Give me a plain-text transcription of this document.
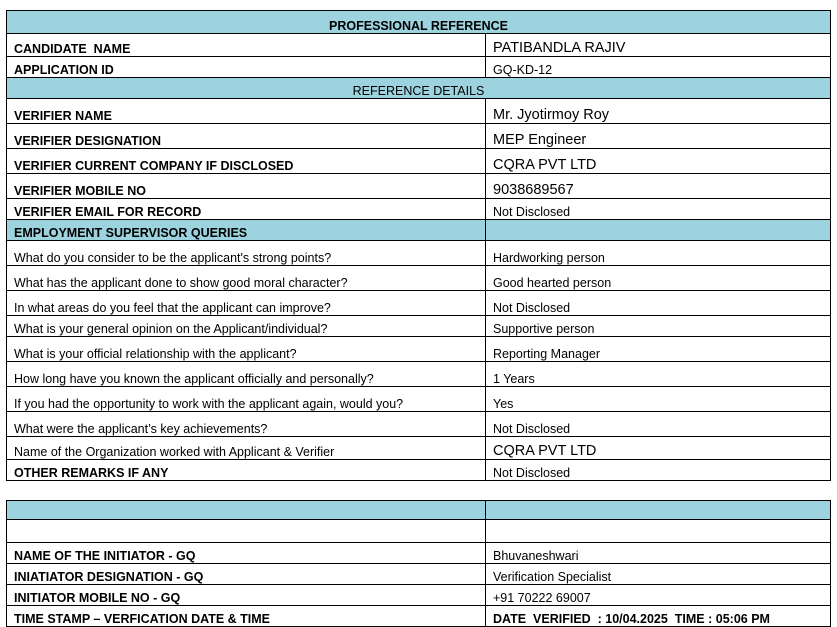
PROFESSIONAL REFERENCE	
CANDIDATE  NAME	PATIBANDLA RAJIV
APPLICATION ID	GQ-KD-12
REFERENCE DETAILS	
VERIFIER NAME	Mr. Jyotirmoy Roy
VERIFIER DESIGNATION	MEP Engineer
VERIFIER CURRENT COMPANY IF DISCLOSED	CQRA PVT LTD
VERIFIER MOBILE NO	9038689567
VERIFIER EMAIL FOR RECORD	Not Disclosed
EMPLOYMENT SUPERVISOR QUERIES	
What do you consider to be the applicant's strong points?	Hardworking person
What has the applicant done to show good moral character?	Good hearted person
In what areas do you feel that the applicant can improve?	Not Disclosed
What is your general opinion on the Applicant/individual?	Supportive person
What is your official relationship with the applicant?	Reporting Manager
How long have you known the applicant officially and personally?	1 Years
If you had the opportunity to work with the applicant again, would you?	Yes
What were the applicant’s key achievements?	Not Disclosed
Name of the Organization worked with Applicant & Verifier	CQRA PVT LTD
OTHER REMARKS IF ANY	Not Disclosed

NAME OF THE INITIATOR - GQ	Bhuvaneshwari
INIATIATOR DESIGNATION - GQ	Verification Specialist
INITIATOR MOBILE NO - GQ	+91 70222 69007
TIME STAMP – VERFICATION DATE & TIME	DATE  VERIFIED  : 10/04.2025  TIME : 05:06 PM
